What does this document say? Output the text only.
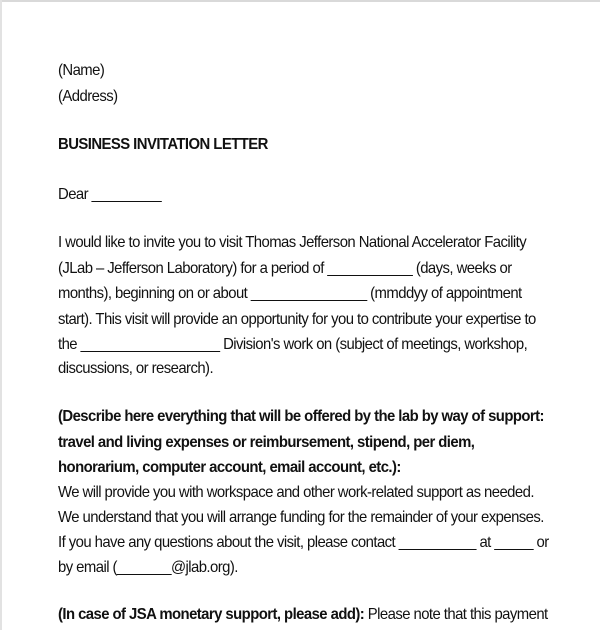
(Name)
(Address)
BUSINESS INVITATION LETTER
Dear _________
I would like to invite you to visit Thomas Jefferson National Accelerator Facility
(JLab – Jefferson Laboratory) for a period of ___________ (days, weeks or
months), beginning on or about _______________ (mmddyy of appointment
start). This visit will provide an opportunity for you to contribute your expertise to
the __________________ Division's work on (subject of meetings, workshop,
discussions, or research).
(Describe here everything that will be offered by the lab by way of support:
travel and living expenses or reimbursement, stipend, per diem,
honorarium, computer account, email account, etc.):
We will provide you with workspace and other work-related support as needed.
We understand that you will arrange funding for the remainder of your expenses.
If you have any questions about the visit, please contact __________ at _____ or
by email (_______@jlab.org).
(In case of JSA monetary support, please add): Please note that this payment
